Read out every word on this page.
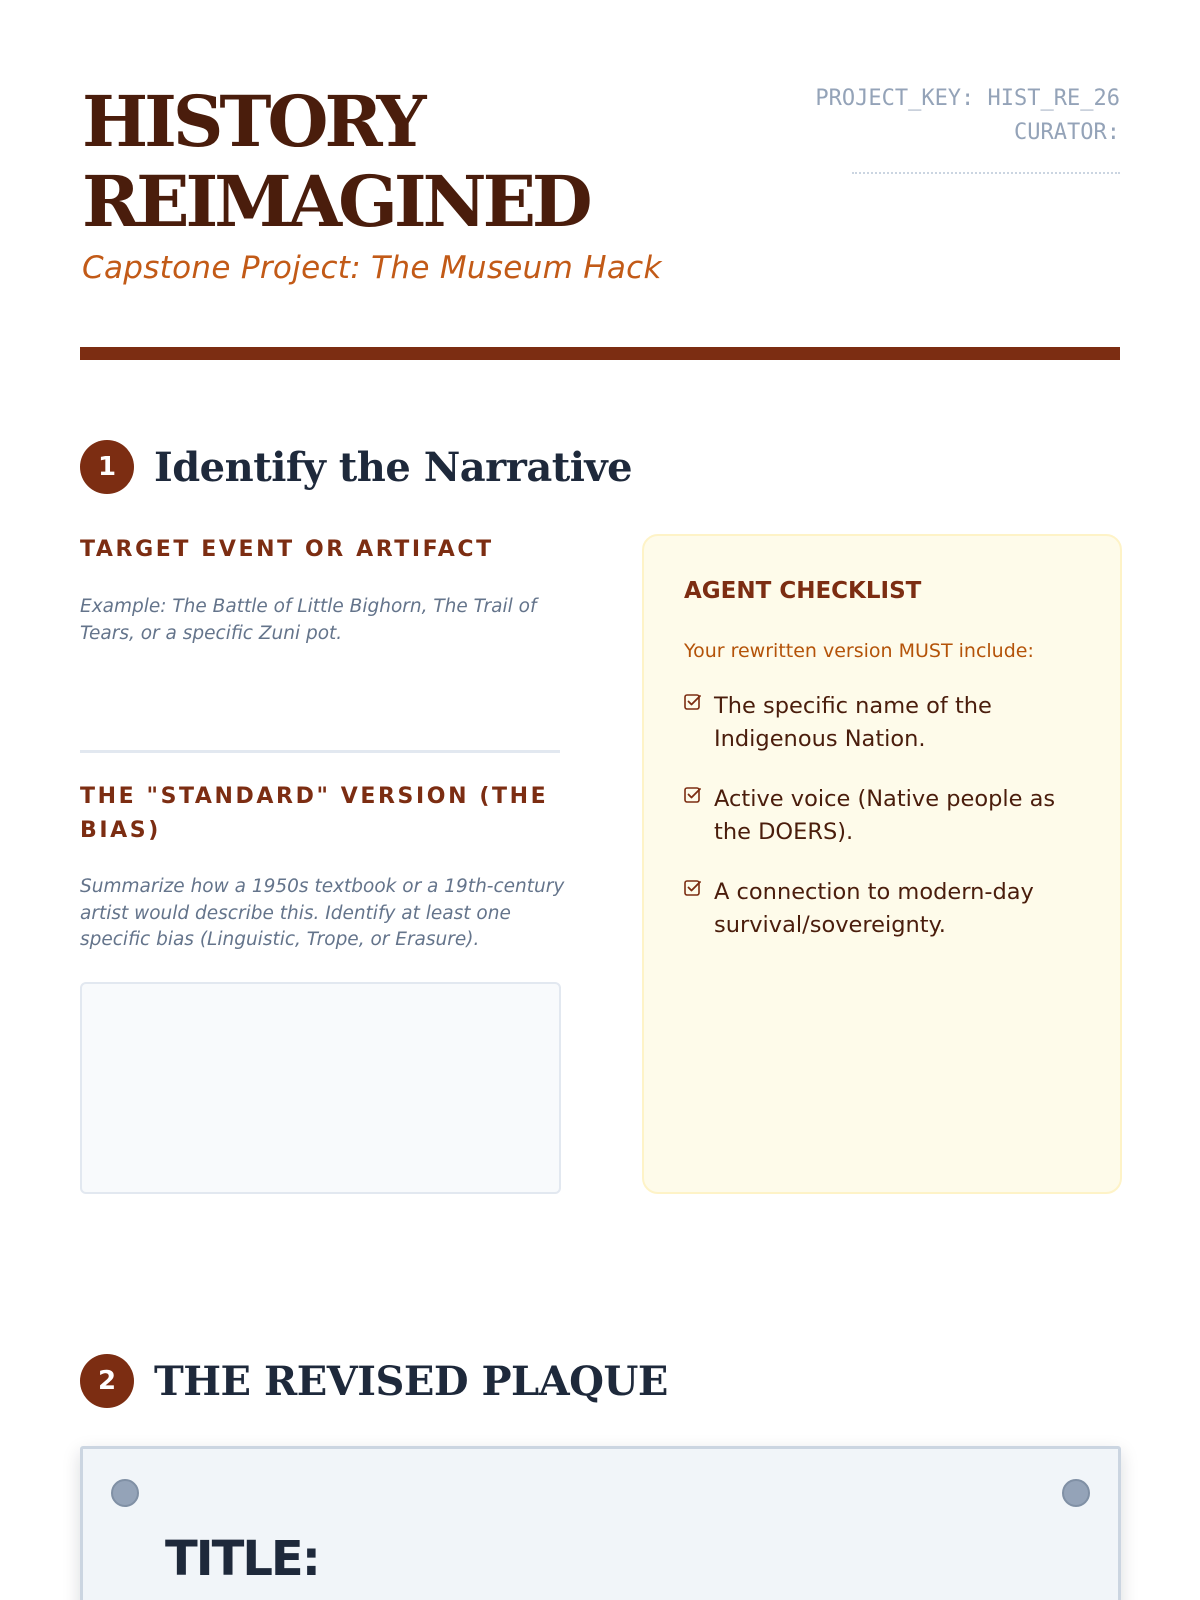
HISTORY
REIMAGINED
Capstone Project: The Museum Hack
PROJECT_KEY: HIST_RE_26
CURATOR:
1 Identify the Narrative
TARGET EVENT OR ARTIFACT
Example: The Battle of Little Bighorn, The Trail of Tears, or a specific Zuni pot.
THE "STANDARD" VERSION (THE BIAS)
Summarize how a 1950s textbook or a 19th-century artist would describe this. Identify at least one specific bias (Linguistic, Trope, or Erasure).
AGENT CHECKLIST
Your rewritten version MUST include:
The specific name of the Indigenous Nation.
Active voice (Native people as the DOERS).
A connection to modern-day survival/sovereignty.
2 THE REVISED PLAQUE
TITLE:
